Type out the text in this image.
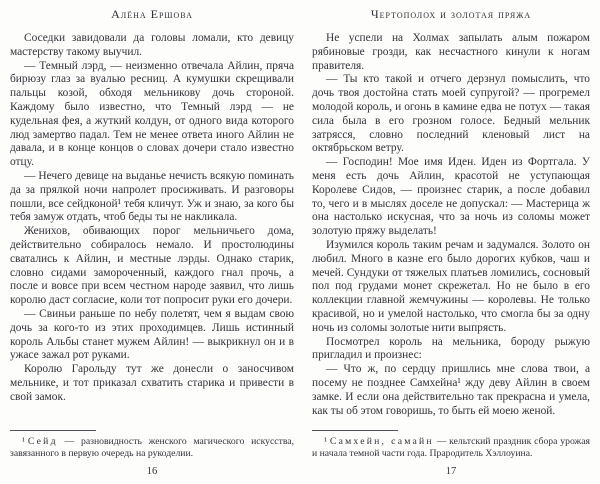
Алёна Ершова

Соседки завидовали да головы ломали, кто девицу мастерству такому выучил.

— Темный лэрд, — неизменно отвечала Айлин, пряча бирюзу глаз за вуалью ресниц. А кумушки скрещивали пальцы козой, обходя мельникову дочь стороной. Каждому было известно, что Темный лэрд — не кудельная фея, а жуткий колдун, от одного вида которого люд замертво падал. Тем не менее ответа иного Айлин не давала, и в конце концов о словах дочери стало известно отцу.

— Нечего девице на выданье нечисть всякую поминать да за прялкой ночи напролет просиживать. И разговоры пошли, все сейдконой¹ тебя кличут. Уж и знаю, за кого бы тебя замуж отдать, чтоб беды ты не накликала.

Женихов, обивающих порог мельничьего дома, действительно собиралось немало. И простолюдины сватались к Айлин, и местные лэрды. Однако старик, словно сидами замороченный, каждого гнал прочь, а после и вовсе при всем честном народе заявил, что лишь королю даст согласие, коли тот попросит руки его дочери.

— Свиньи раньше по небу полетят, чем я выдам свою дочь за кого-то из этих проходимцев. Лишь истинный король Альбы станет мужем Айлин! — выкрикнул он и в ужасе зажал рот руками.

Королю Гарольду тут же донесли о заносчивом мельнике, и тот приказал схватить старика и привести в свой замок.

¹ Сейд — разновидность женского магического искусства, завязанного в первую очередь на рукоделии.

16
Чертополох и золотая пряжа

Не успели на Холмах запылать алым пожаром рябиновые грозди, как несчастного кинули к ногам правителя.

— Ты кто такой и отчего дерзнул помыслить, что дочь твоя достойна стать моей супругой? — прогремел молодой король, и огонь в камине едва не потух — такая сила была в его грозном голосе. Бедный мельник затрясся, словно последний кленовый лист на октябрьском ветру.

— Господин! Мое имя Иден. Иден из Фортгала. У меня есть дочь Айлин, красотой не уступающая Королеве Сидов, — произнес старик, а после добавил то, чего и в мыслях доселе не допускал: — Мастерица ж она настолько искусная, что за ночь из соломы может золотую пряжу выделать!

Изумился король таким речам и задумался. Золото он любил. Много в казне его было дорогих кубков, чаш и мечей. Сундуки от тяжелых платьев ломились, сосновый пол под грудами монет скрежетал. Но не было в его коллекции главной жемчужины — королевы. Не только красивой, но и умелой настолько, что смогла бы за одну ночь из соломы золотые нити выпрясть.

Посмотрел король на мельника, бороду рыжую пригладил и произнес:

— Что ж, по сердцу пришлись мне слова твои, а посему не позднее Самхейна¹ жду деву Айлин в своем замке. И если она действительно так прекрасна и умела, как ты об этом говоришь, то быть ей моею женой.

¹ Самхейн, самайн — кельтский праздник сбора урожая и начала темной части года. Прародитель Хэллоуина.

17
